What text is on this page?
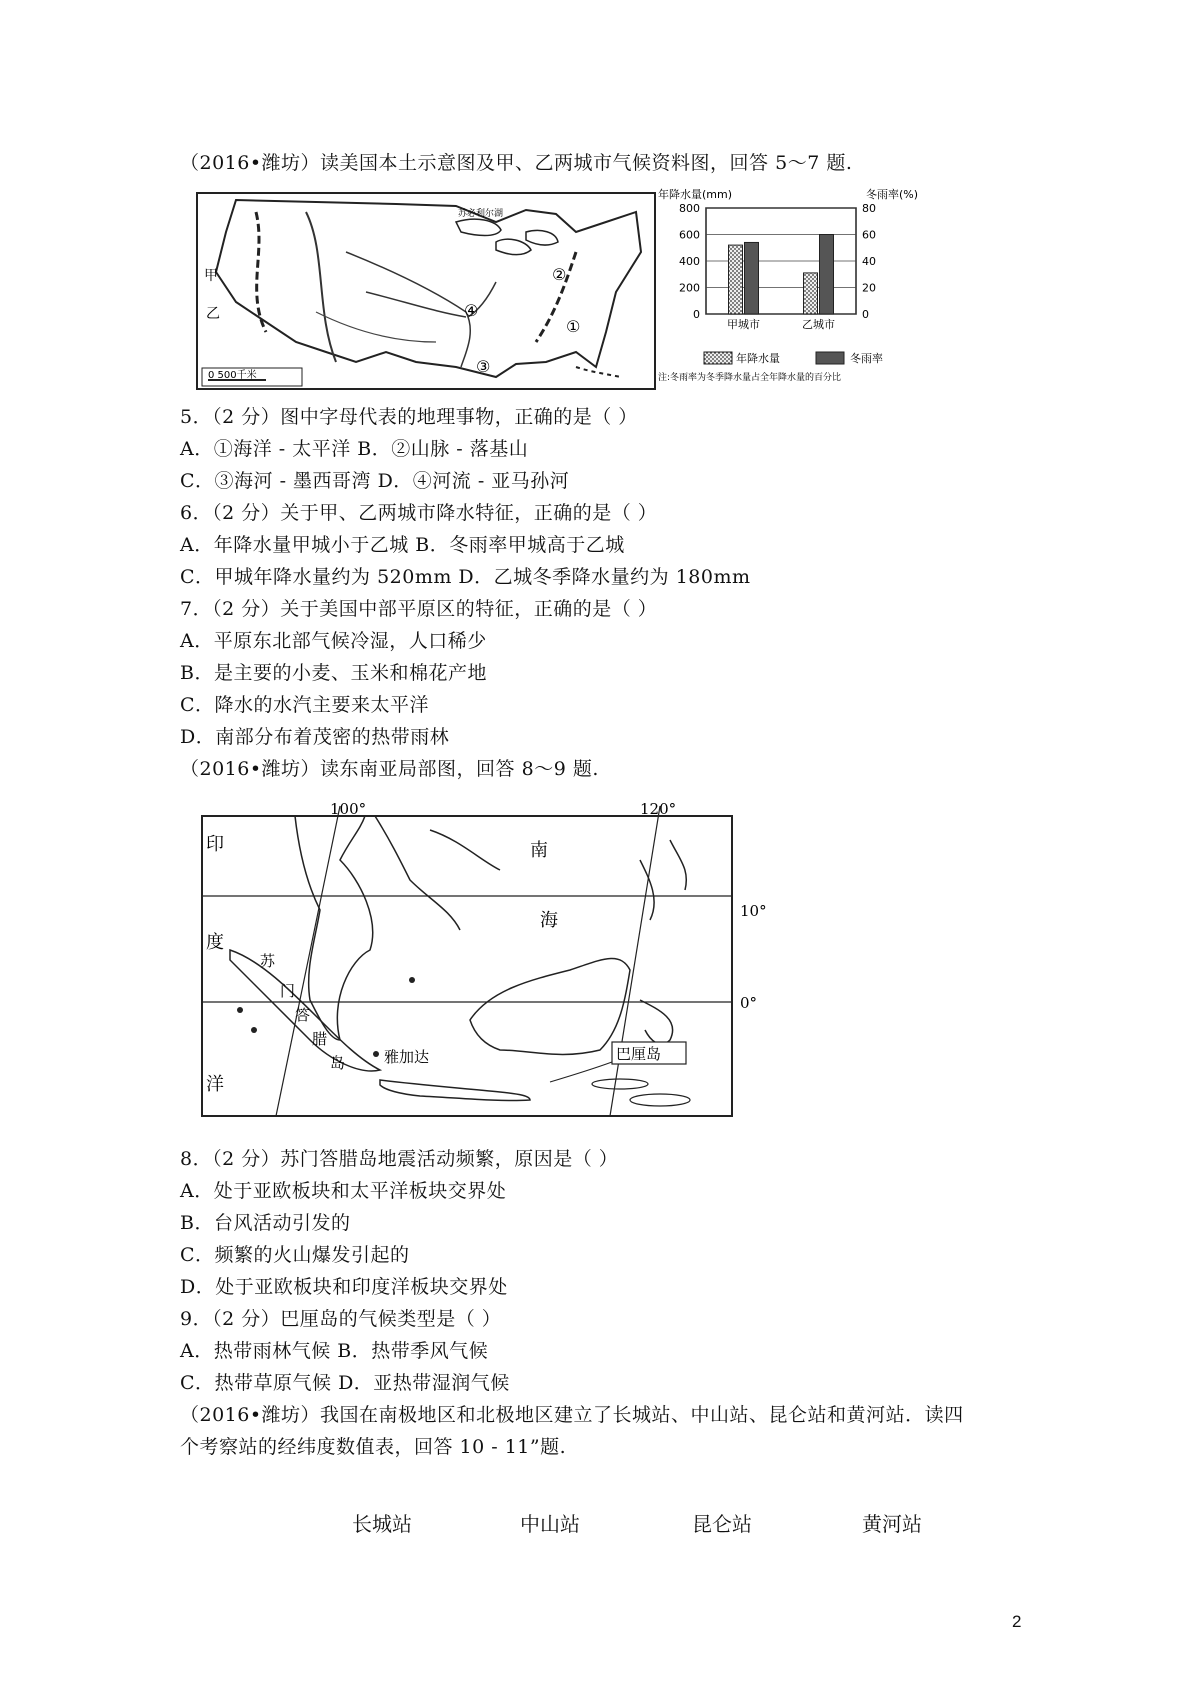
（2016•潍坊）读美国本土示意图及甲、乙两城市气候资料图，回答 5～7 题.
甲
乙
①
②
③
④
苏必利尔湖
0 500千米
年降水量(mm)	冬雨率(%)
800	80
600	60
400	40
200	20
0	0
甲城市	乙城市
年降水量	冬雨率
注:冬雨率为冬季降水量占全年降水量的百分比
5．（2 分）图中字母代表的地理事物，正确的是（ ）
A．①海洋 - 太平洋 B．②山脉 - 落基山
C．③海河 - 墨西哥湾 D．④河流 - 亚马孙河
6．（2 分）关于甲、乙两城市降水特征，正确的是（ ）
A．年降水量甲城小于乙城 B．冬雨率甲城高于乙城
C．甲城年降水量约为 520mm D．乙城冬季降水量约为 180mm
7．（2 分）关于美国中部平原区的特征，正确的是（ ）
A．平原东北部气候冷湿，人口稀少
B．是主要的小麦、玉米和棉花产地
C．降水的水汽主要来太平洋
D．南部分布着茂密的热带雨林
（2016•潍坊）读东南亚局部图，回答 8～9 题.
10°
0°
100°	120°
印
度
洋
南
海
苏
门
答
腊
岛	雅加达	巴厘岛
8．（2 分）苏门答腊岛地震活动频繁，原因是（ ）
A．处于亚欧板块和太平洋板块交界处
B．台风活动引发的
C．频繁的火山爆发引起的
D．处于亚欧板块和印度洋板块交界处
9．（2 分）巴厘岛的气候类型是（ ）
A．热带雨林气候 B．热带季风气候
C．热带草原气候 D．亚热带湿润气候
（2016•潍坊）我国在南极地区和北极地区建立了长城站、中山站、昆仑站和黄河站．读四
个考察站的经纬度数值表，回答 10 - 11”题.
长城站	中山站	昆仑站	黄河站
2
